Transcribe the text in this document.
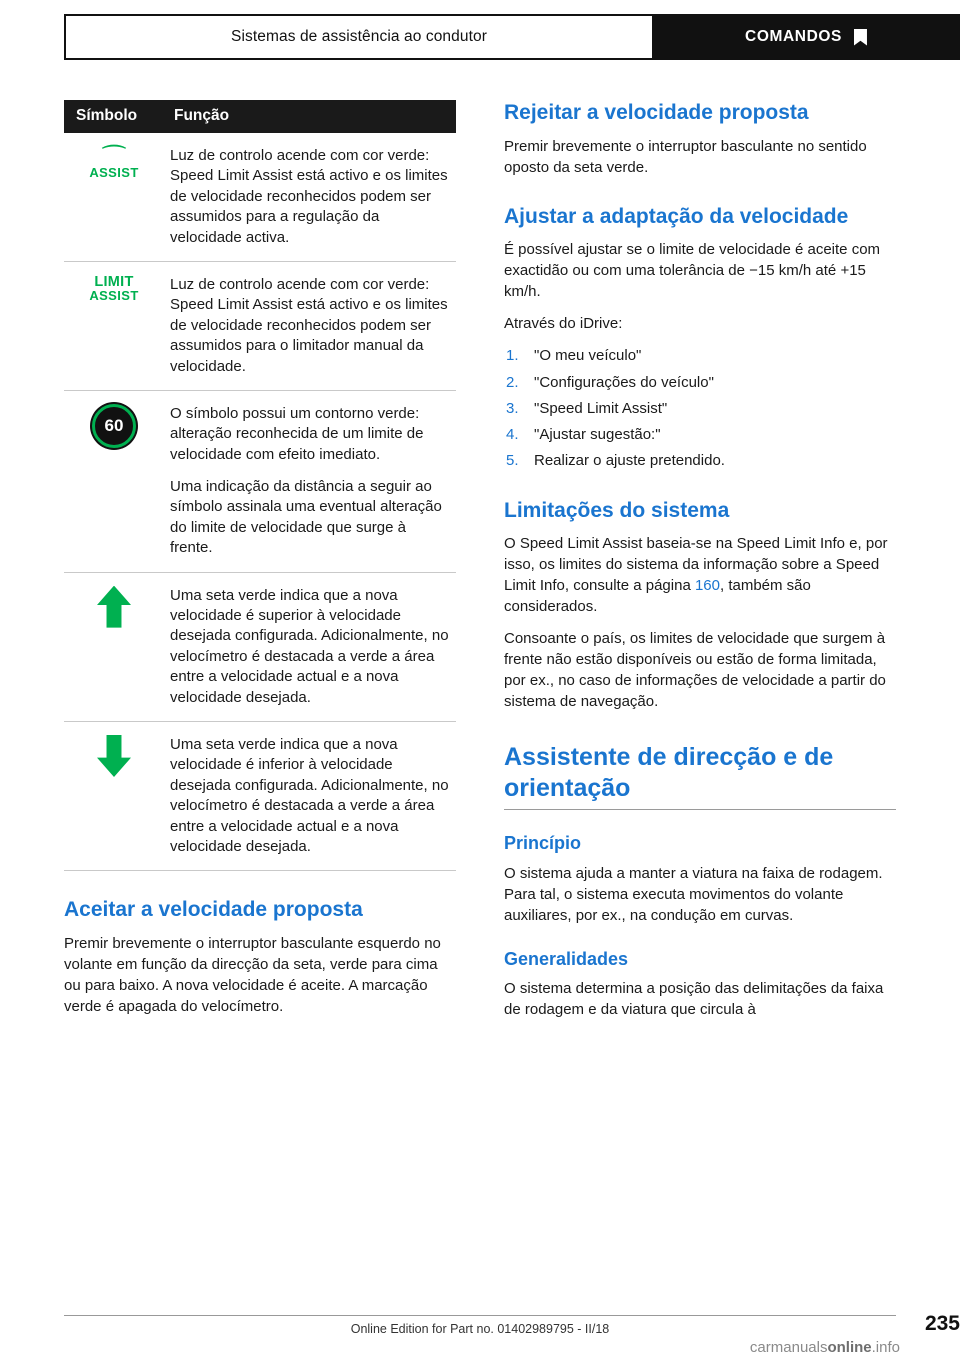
Sistemas de assistência ao condutor	COMANDOS
Símbolo	Função

⌒
ASSIST	Luz de controlo acende com cor verde: Speed Limit Assist está activo e os limites de velocidade reconhecidos podem ser assumidos para a regulação da velocidade activa.

LIMIT
ASSIST	Luz de controlo acende com cor verde: Speed Limit Assist está activo e os limites de velocidade reconhecidos podem ser assumidos para o limitador manual da velocidade.

60	O símbolo possui um contorno verde: alteração reconhecida de um limite de velocidade com efeito imediato.

Uma indicação da distância a seguir ao símbolo assinala uma eventual alteração do limite de velocidade que surge à frente.

	Uma seta verde indica que a nova velocidade é superior à velocidade desejada configurada. Adicionalmente, no velocímetro é destacada a verde a área entre a velocidade actual e a nova velocidade desejada.

	Uma seta verde indica que a nova velocidade é inferior à velocidade desejada configurada. Adicionalmente, no velocímetro é destacada a verde a área entre a velocidade actual e a nova velocidade desejada.

Aceitar a velocidade proposta

Premir brevemente o interruptor basculante esquerdo no volante em função da direcção da seta, verde para cima ou para baixo. A nova velocidade é aceite. A marcação verde é apagada do velocímetro.

Rejeitar a velocidade proposta

Premir brevemente o interruptor basculante no sentido oposto da seta verde.

Ajustar a adaptação da velocidade

É possível ajustar se o limite de velocidade é aceite com exactidão ou com uma tolerância de −15 km/h até +15 km/h.

Através do iDrive:

1. "O meu veículo"
2. "Configurações do veículo"
3. "Speed Limit Assist"
4. "Ajustar sugestão:"
5. Realizar o ajuste pretendido.
Limitações do sistema

O Speed Limit Assist baseia-se na Speed Limit Info e, por isso, os limites do sistema da informação sobre a Speed Limit Info, consulte a página 160, também são considerados.

Consoante o país, os limites de velocidade que surgem à frente não estão disponíveis ou estão de forma limitada, por ex., no caso de informações de velocidade a partir do sistema de navegação.

Assistente de direcção e de orientação
Princípio

O sistema ajuda a manter a viatura na faixa de rodagem. Para tal, o sistema executa movimentos do volante auxiliares, por ex., na condução em curvas.

Generalidades

O sistema determina a posição das delimitações da faixa de rodagem e da viatura que circula à

235
Online Edition for Part no. 01402989795 - II/18
carmanualsonline.info
